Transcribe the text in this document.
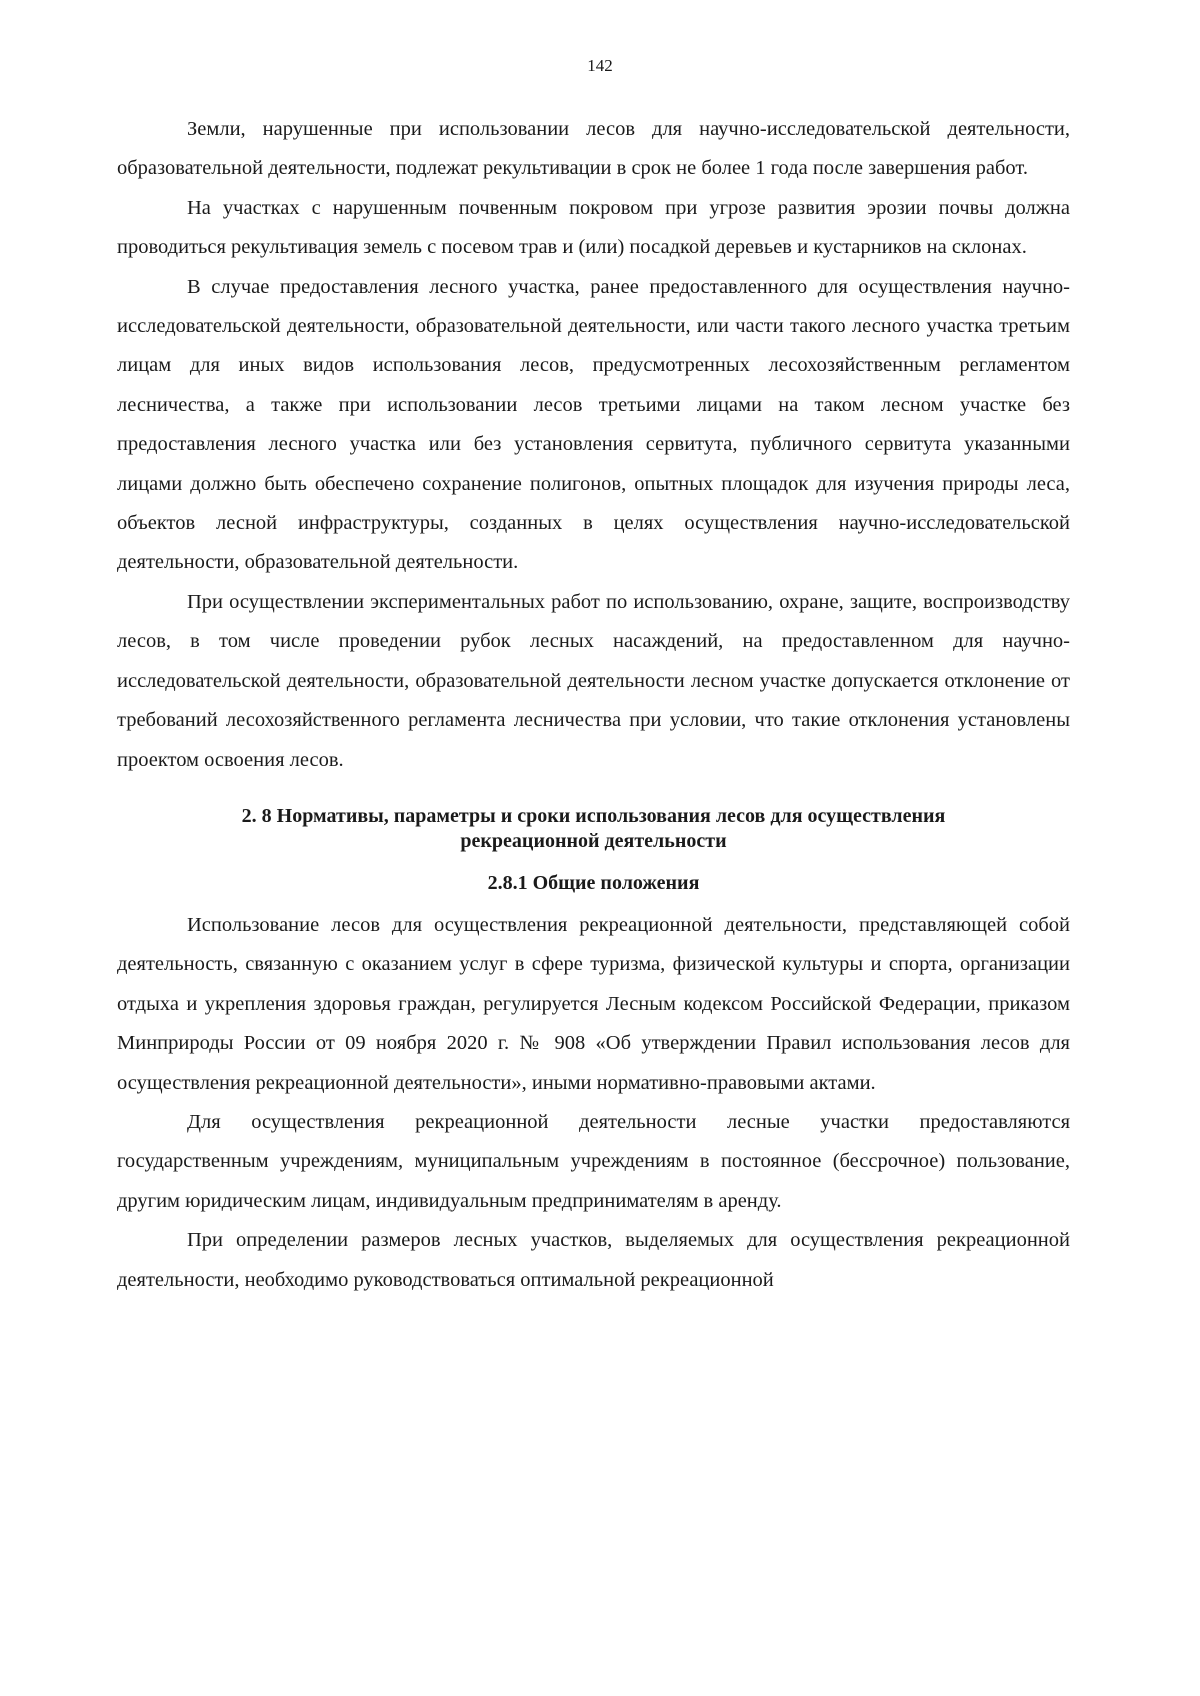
142

Земли, нарушенные при использовании лесов для научно-исследовательской деятельности, образовательной деятельности, подлежат рекультивации в срок не более 1 года после завершения работ.

На участках с нарушенным почвенным покровом при угрозе развития эрозии почвы должна проводиться рекультивация земель с посевом трав и (или) посадкой деревьев и кустарников на склонах.

В случае предоставления лесного участка, ранее предоставленного для осуществления научно-исследовательской деятельности, образовательной деятельности, или части такого лесного участка третьим лицам для иных видов использования лесов, предусмотренных лесохозяйственным регламентом лесничества, а также при использовании лесов третьими лицами на таком лесном участке без предоставления лесного участка или без установления сервитута, публичного сервитута указанными лицами должно быть обеспечено сохранение полигонов, опытных площадок для изучения природы леса, объектов лесной инфраструктуры, созданных в целях осуществления научно-исследовательской деятельности, образовательной деятельности.

При осуществлении экспериментальных работ по использованию, охране, защите, воспроизводству лесов, в том числе проведении рубок лесных насаждений, на предоставленном для научно-исследовательской деятельности, образовательной деятельности лесном участке допускается отклонение от требований лесохозяйственного регламента лесничества при условии, что такие отклонения установлены проектом освоения лесов.

2. 8 Нормативы, параметры и сроки использования лесов для осуществления
рекреационной деятельности
2.8.1 Общие положения

Использование лесов для осуществления рекреационной деятельности, представляющей собой деятельность, связанную с оказанием услуг в сфере туризма, физической культуры и спорта, организации отдыха и укрепления здоровья граждан, регулируется Лесным кодексом Российской Федерации, приказом Минприроды России от 09 ноября 2020 г. № 908 «Об утверждении Правил использования лесов для осуществления рекреационной деятельности», иными нормативно-правовыми актами.

Для осуществления рекреационной деятельности лесные участки предоставляются государственным учреждениям, муниципальным учреждениям в постоянное (бессрочное) пользование, другим юридическим лицам, индивидуальным предпринимателям в аренду.

При определении размеров лесных участков, выделяемых для осуществления рекреационной деятельности, необходимо руководствоваться оптимальной рекреационной
